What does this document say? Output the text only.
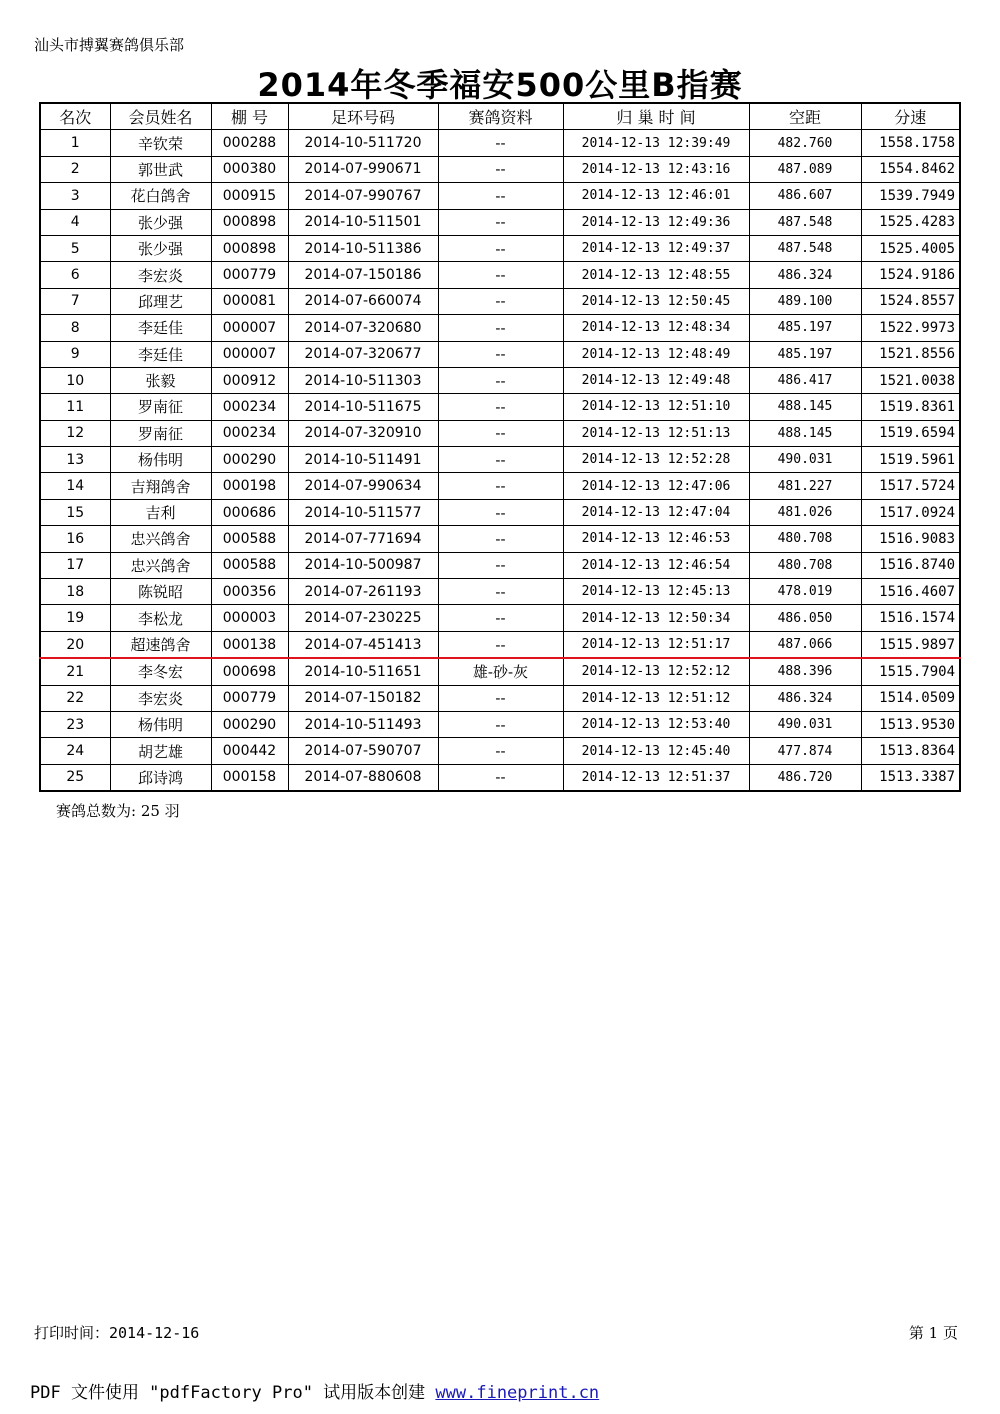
汕头市搏翼赛鸽俱乐部
2014年冬季福安500公里B指赛
名次	会员姓名	棚 号	足环号码	赛鸽资料	归 巢 时 间	空距	分速
1	辛钦荣	000288	2014-10-511720	--	2014-12-13 12:39:49	482.760	1558.1758
2	郭世武	000380	2014-07-990671	--	2014-12-13 12:43:16	487.089	1554.8462
3	花白鸽舍	000915	2014-07-990767	--	2014-12-13 12:46:01	486.607	1539.7949
4	张少强	000898	2014-10-511501	--	2014-12-13 12:49:36	487.548	1525.4283
5	张少强	000898	2014-10-511386	--	2014-12-13 12:49:37	487.548	1525.4005
6	李宏炎	000779	2014-07-150186	--	2014-12-13 12:48:55	486.324	1524.9186
7	邱理艺	000081	2014-07-660074	--	2014-12-13 12:50:45	489.100	1524.8557
8	李廷佳	000007	2014-07-320680	--	2014-12-13 12:48:34	485.197	1522.9973
9	李廷佳	000007	2014-07-320677	--	2014-12-13 12:48:49	485.197	1521.8556
10	张毅	000912	2014-10-511303	--	2014-12-13 12:49:48	486.417	1521.0038
11	罗南征	000234	2014-10-511675	--	2014-12-13 12:51:10	488.145	1519.8361
12	罗南征	000234	2014-07-320910	--	2014-12-13 12:51:13	488.145	1519.6594
13	杨伟明	000290	2014-10-511491	--	2014-12-13 12:52:28	490.031	1519.5961
14	吉翔鸽舍	000198	2014-07-990634	--	2014-12-13 12:47:06	481.227	1517.5724
15	吉利	000686	2014-10-511577	--	2014-12-13 12:47:04	481.026	1517.0924
16	忠兴鸽舍	000588	2014-07-771694	--	2014-12-13 12:46:53	480.708	1516.9083
17	忠兴鸽舍	000588	2014-10-500987	--	2014-12-13 12:46:54	480.708	1516.8740
18	陈锐昭	000356	2014-07-261193	--	2014-12-13 12:45:13	478.019	1516.4607
19	李松龙	000003	2014-07-230225	--	2014-12-13 12:50:34	486.050	1516.1574
20	超速鸽舍	000138	2014-07-451413	--	2014-12-13 12:51:17	487.066	1515.9897
21	李冬宏	000698	2014-10-511651	雄-砂-灰	2014-12-13 12:52:12	488.396	1515.7904
22	李宏炎	000779	2014-07-150182	--	2014-12-13 12:51:12	486.324	1514.0509
23	杨伟明	000290	2014-10-511493	--	2014-12-13 12:53:40	490.031	1513.9530
24	胡艺雄	000442	2014-07-590707	--	2014-12-13 12:45:40	477.874	1513.8364
25	邱诗鸿	000158	2014-07-880608	--	2014-12-13 12:51:37	486.720	1513.3387
赛鸽总数为: 25 羽
打印时间：2014-12-16	第 1 页
PDF 文件使用 "pdfFactory Pro" 试用版本创建 www.fineprint.cn
